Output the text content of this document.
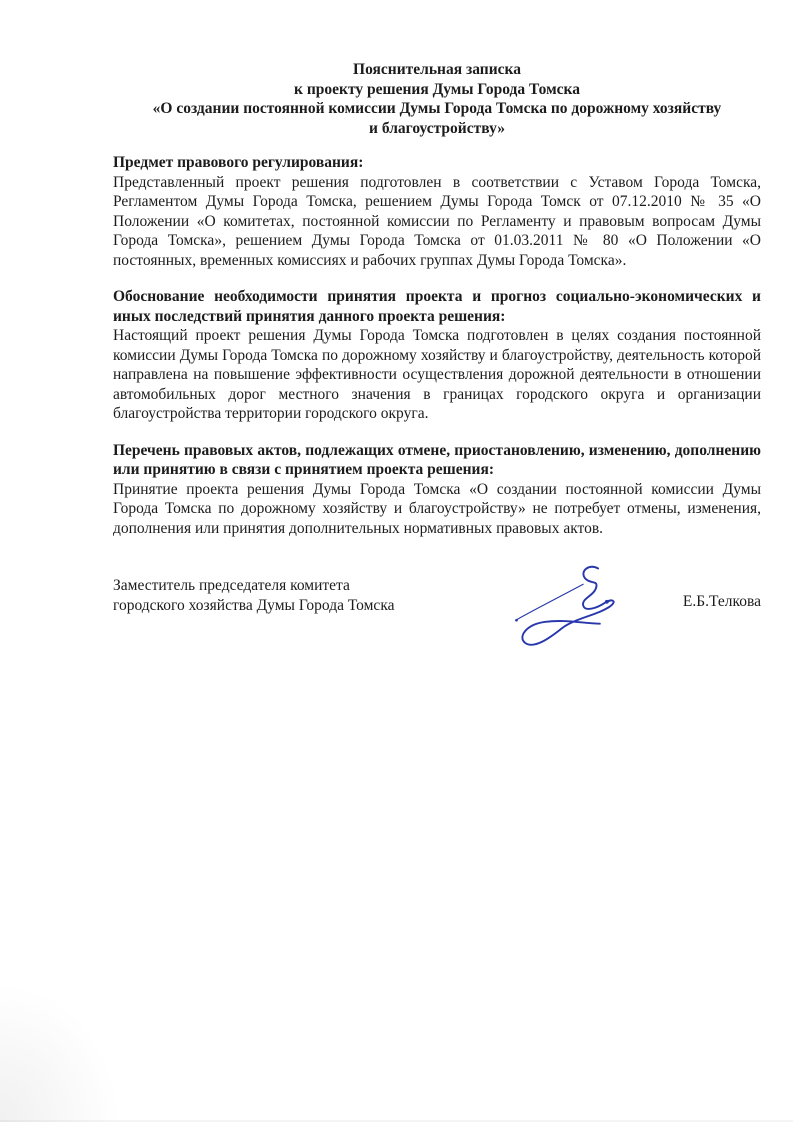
Пояснительная записка
к проекту решения Думы Города Томска
«О создании постоянной комиссии Думы Города Томска по дорожному хозяйству
и благоустройству»
Предмет правового регулирования:

Представленный проект решения подготовлен в соответствии с Уставом Города Томска, Регламентом Думы Города Томска, решением Думы Города Томск от 07.12.2010 № 35 «О Положении «О комитетах, постоянной комиссии по Регламенту и правовым вопросам Думы Города Томска», решением Думы Города Томска от 01.03.2011 № 80 «О Положении «О постоянных, временных комиссиях и рабочих группах Думы Города Томска».

Обоснование необходимости принятия проекта и прогноз социально-экономических и иных последствий принятия данного проекта решения:

Настоящий проект решения Думы Города Томска подготовлен в целях создания постоянной комиссии Думы Города Томска по дорожному хозяйству и благоустройству, деятельность которой направлена на повышение эффективности осуществления дорожной деятельности в отношении автомобильных дорог местного значения в границах городского округа и организации благоустройства территории городского округа.

Перечень правовых актов, подлежащих отмене, приостановлению, изменению, дополнению или принятию в связи с принятием проекта решения:

Принятие проекта решения Думы Города Томска «О создании постоянной комиссии Думы Города Томска по дорожному хозяйству и благоустройству» не потребует отмены, изменения, дополнения или принятия дополнительных нормативных правовых актов.

Заместитель председателя комитета
городского хозяйства Думы Города Томска	Е.Б.Телкова
